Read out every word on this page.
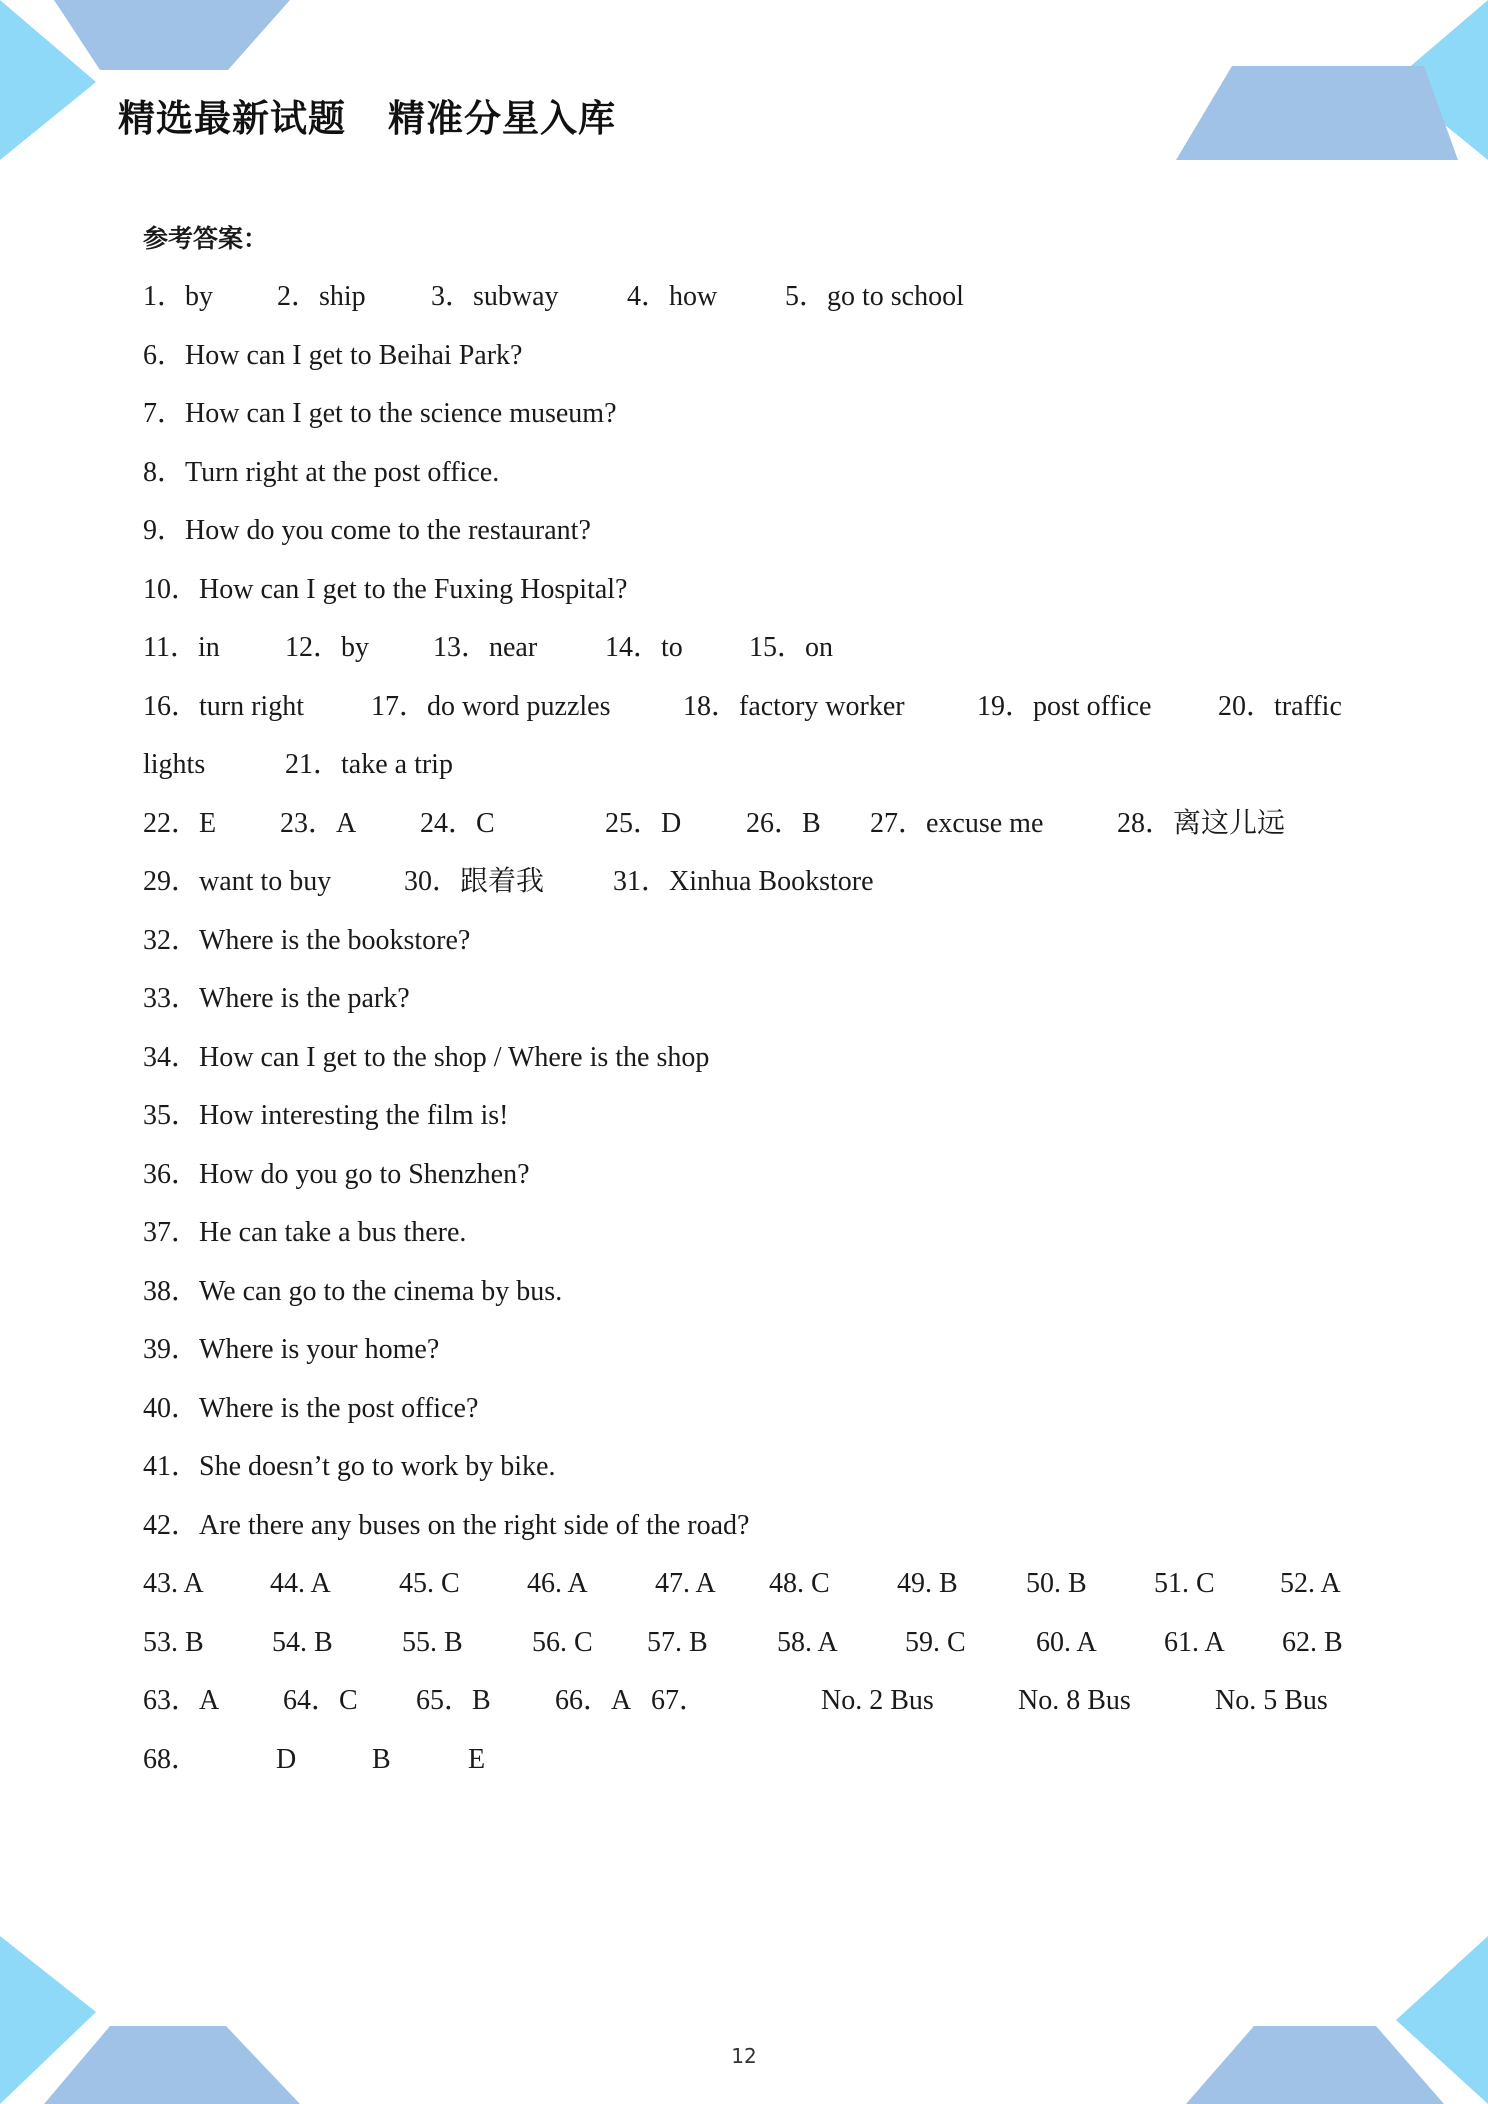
精选最新试题 精准分星入库
参考答案：
1．by 2．ship 3．subway 4．how 5．go to school
6．How can I get to Beihai Park?
7．How can I get to the science museum?
8．Turn right at the post office.
9．How do you come to the restaurant?
10．How can I get to the Fuxing Hospital?
11．in 12．by 13．near 14．to 15．on
16．turn right 17．do word puzzles	18．factory worker	19．post office 20．traffic
lights	21．take a trip
22．E 23．A 24．C	25．D 26．B 27．excuse me	28．离这儿远
29．want to buy	30．跟着我 31．Xinhua Bookstore
32．Where is the bookstore?
33．Where is the park?
34．How can I get to the shop / Where is the shop
35．How interesting the film is!
36．How do you go to Shenzhen?
37．He can take a bus there.
38．We can go to the cinema by bus.
39．Where is your home?
40．Where is the post office?
41．She doesn’t go to work by bike.
42．Are there any buses on the right side of the road?
43. A 44. A 45. C 46. A 47. A 48. C 49. B 50. B 51. C 52. A
53. B 54. B 55. B 56. C 57. B 58. A 59. C	60. A 61. A 62. B
63．A 64．C 65．B 66．A 67．	No. 2 Bus	No. 8 Bus	No. 5 Bus
68．	D	B	E
12
